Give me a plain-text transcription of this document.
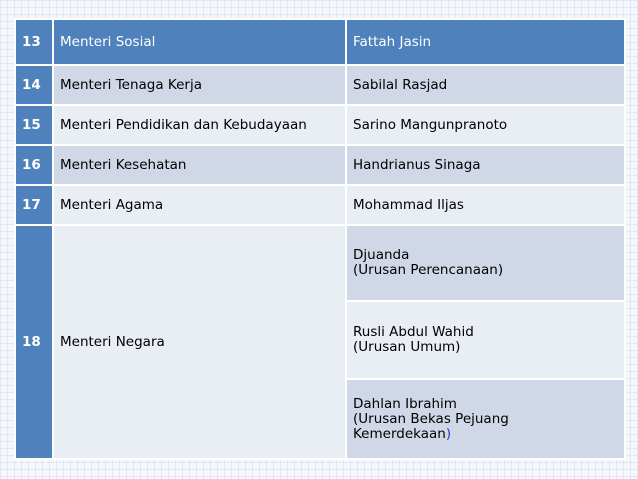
13	Menteri Sosial	Fattah Jasin
14	Menteri Tenaga Kerja	Sabilal Rasjad
15	Menteri Pendidikan dan Kebudayaan	Sarino Mangunpranoto
16	Menteri Kesehatan	Handrianus Sinaga
17	Menteri Agama	Mohammad Iljas
18	Menteri Negara	Djuanda
(Urusan Perencanaan)

		Rusli Abdul Wahid
(Urusan Umum)

		Dahlan Ibrahim
(Urusan Bekas Pejuang
Kemerdekaan)
